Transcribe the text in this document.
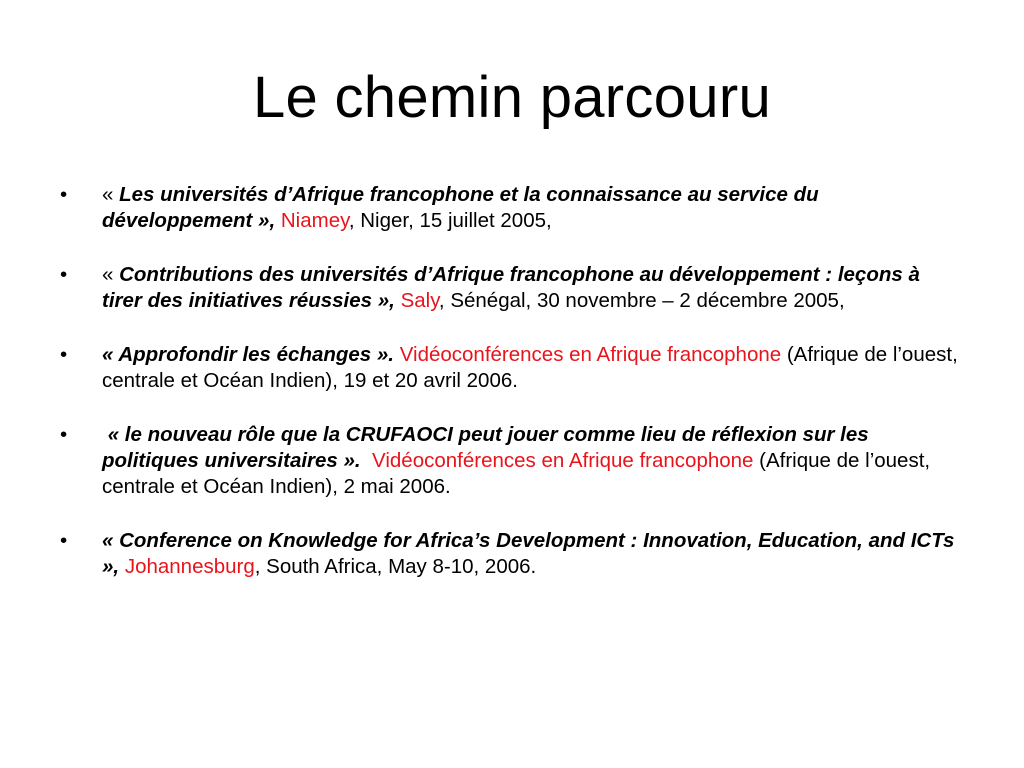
Le chemin parcouru
•	« Les universités d’Afrique francophone et la connaissance au service du développement », Niamey, Niger, 15 juillet 2005,
•	« Contributions des universités d’Afrique francophone au développement : leçons à tirer des initiatives réussies », Saly, Sénégal, 30 novembre – 2 décembre 2005,
•	« Approfondir les échanges ». Vidéoconférences en Afrique francophone (Afrique de l’ouest, centrale et Océan Indien), 19 et 20 avril 2006.
•	« le nouveau rôle que la CRUFAOCI peut jouer comme lieu de réflexion sur les politiques universitaires ». Vidéoconférences en Afrique francophone (Afrique de l’ouest, centrale et Océan Indien), 2 mai 2006.
•	« Conference on Knowledge for Africa’s Development : Innovation, Education, and ICTs », Johannesburg, South Africa, May 8-10, 2006.
